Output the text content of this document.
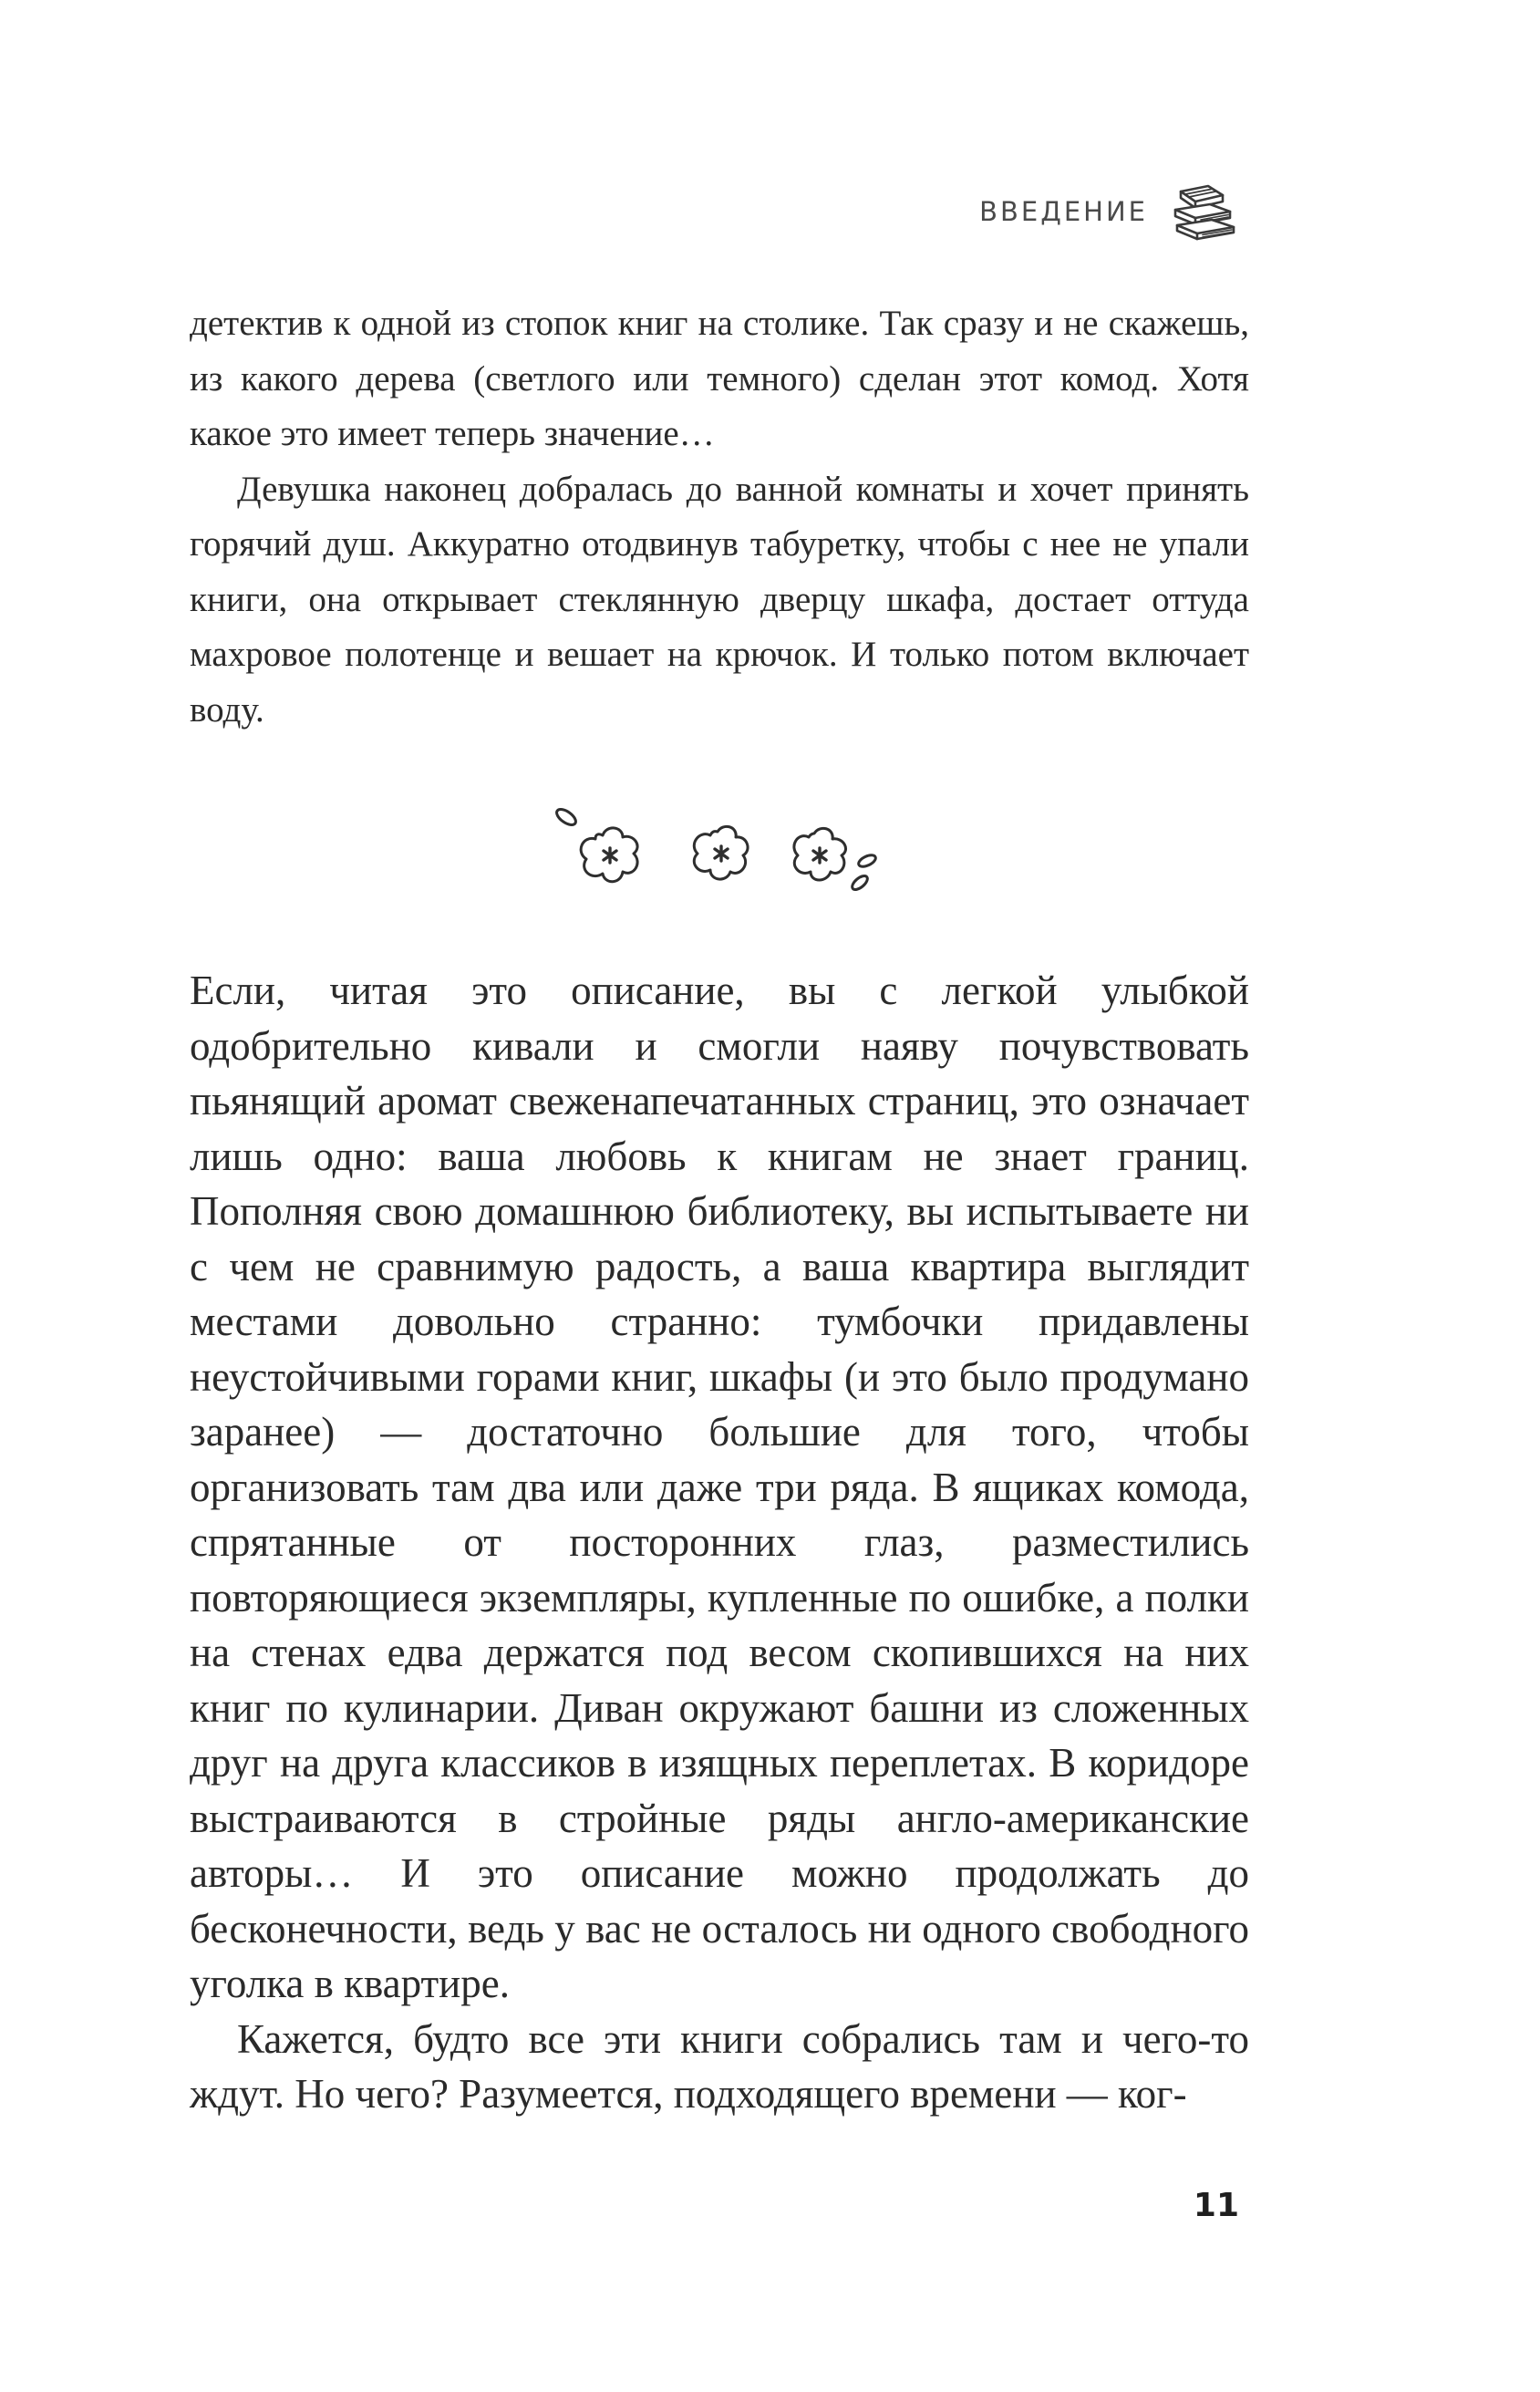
ВВЕДЕНИЕ

детектив к одной из стопок книг на столике. Так сразу и не скажешь, из какого дерева (светлого или темного) сделан этот комод. Хотя какое это имеет теперь значение…

Девушка наконец добралась до ванной комнаты и хочет принять горячий душ. Аккуратно отодвинув табуретку, чтобы с нее не упали книги, она открывает стеклянную дверцу шкафа, достает оттуда махровое полотенце и вешает на крючок. И только потом включает воду.

Если, читая это описание, вы с легкой улыбкой одобрительно кивали и смогли наяву почувствовать пьянящий аромат свеженапечатанных страниц, это означает лишь одно: ваша любовь к книгам не знает границ. Пополняя свою домашнюю библиотеку, вы испытываете ни с чем не сравнимую радость, а ваша квартира выглядит местами довольно странно: тумбочки придавлены неустойчивыми горами книг, шкафы (и это было продумано заранее) — достаточно большие для того, чтобы организовать там два или даже три ряда. В ящиках комода, спрятанные от посторонних глаз, разместились повторяющиеся экземпляры, купленные по ошибке, а полки на стенах едва держатся под весом скопившихся на них книг по кулинарии. Диван окружают башни из сложенных друг на друга классиков в изящных переплетах. В коридоре выстраиваются в стройные ряды англо-американские авторы… И это описание можно продолжать до бесконечности, ведь у вас не осталось ни одного свободного уголка в квартире.

Кажется, будто все эти книги собрались там и чего-то ждут. Но чего? Разумеется, подходящего времени — ког-

11
